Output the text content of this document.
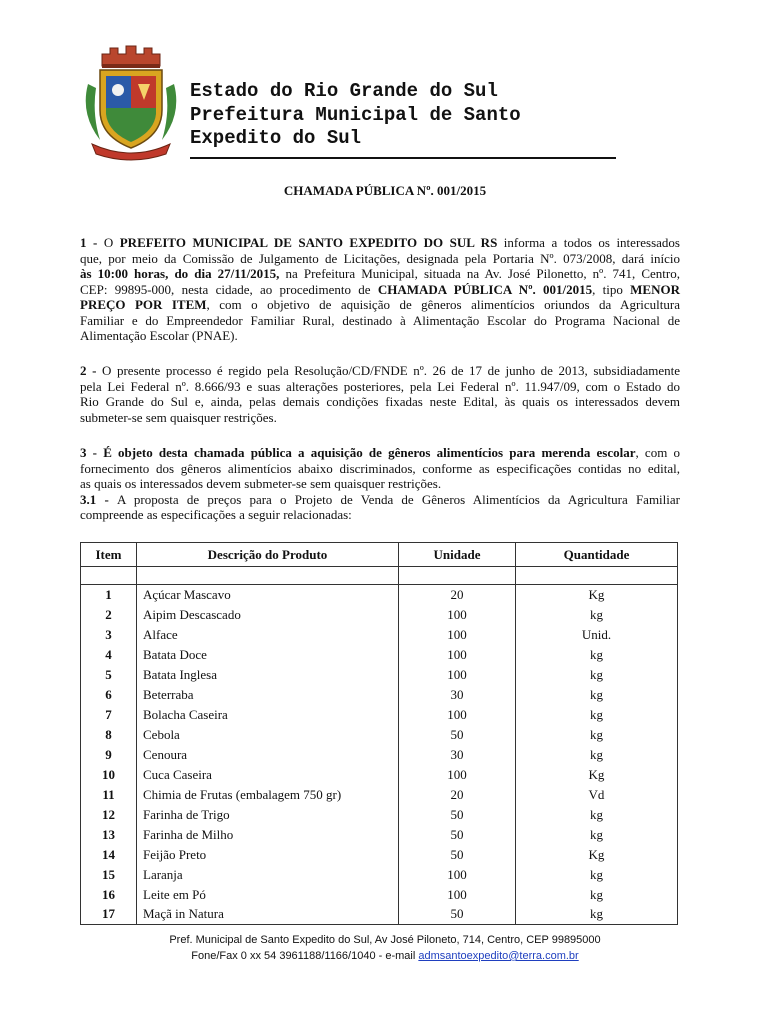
Estado do Rio Grande do Sul
Prefeitura Municipal de Santo
Expedito do Sul
CHAMADA PÚBLICA Nº. 001/2015
1 - O PREFEITO MUNICIPAL DE SANTO EXPEDITO DO SUL RS informa a todos os interessados
que, por meio da Comissão de Julgamento de Licitações, designada pela Portaria Nº. 073/2008, dará início
às 10:00 horas, do dia 27/11/2015, na Prefeitura Municipal, situada na Av. José Pilonetto, nº. 741, Centro,
CEP: 99895-000, nesta cidade, ao procedimento de CHAMADA PÚBLICA Nº. 001/2015, tipo MENOR
PREÇO POR ITEM, com o objetivo de aquisição de gêneros alimentícios oriundos da Agricultura
Familiar e do Empreendedor Familiar Rural, destinado à Alimentação Escolar do Programa Nacional de
Alimentação Escolar (PNAE).
2 - O presente processo é regido pela Resolução/CD/FNDE nº. 26 de 17 de junho de 2013, subsidiadamente
pela Lei Federal nº. 8.666/93 e suas alterações posteriores, pela Lei Federal nº. 11.947/09, com o Estado do
Rio Grande do Sul e, ainda, pelas demais condições fixadas neste Edital, às quais os interessados devem
submeter-se sem quaisquer restrições.
3 - É objeto desta chamada pública a aquisição de gêneros alimentícios para merenda escolar, com o
fornecimento dos gêneros alimentícios abaixo discriminados, conforme as especificações contidas no edital,
as quais os interessados devem submeter-se sem quaisquer restrições.
3.1 - A proposta de preços para o Projeto de Venda de Gêneros Alimentícios da Agricultura Familiar
compreende as especificações a seguir relacionadas:
Item	Descrição do Produto	Unidade	Quantidade

1	Açúcar Mascavo	20	Kg
2	Aipim Descascado	100	kg
3	Alface	100	Unid.
4	Batata Doce	100	kg
5	Batata Inglesa	100	kg
6	Beterraba	30	kg
7	Bolacha Caseira	100	kg
8	Cebola	50	kg
9	Cenoura	30	kg
10	Cuca Caseira	100	Kg
11	Chimia de Frutas (embalagem 750 gr)	20	Vd
12	Farinha de Trigo	50	kg
13	Farinha de Milho	50	kg
14	Feijão Preto	50	Kg
15	Laranja	100	kg
16	Leite em Pó	100	kg
17	Maçã in Natura	50	kg
Pref. Municipal de Santo Expedito do Sul, Av José Piloneto, 714, Centro, CEP 99895000
Fone/Fax 0 xx 54 3961188/1166/1040 - e-mail admsantoexpedito@terra.com.br
